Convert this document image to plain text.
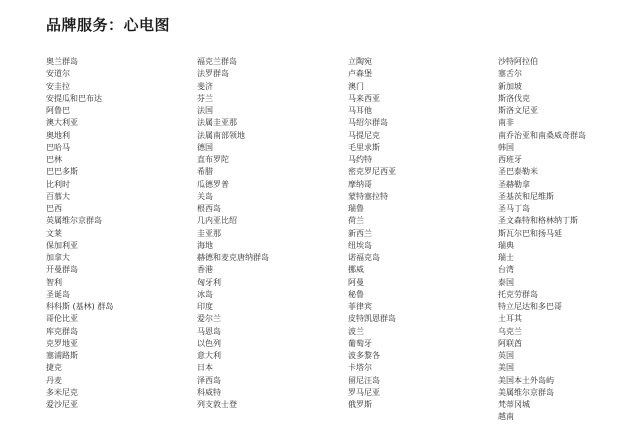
品牌服务：心电图
奥兰群岛
安道尔
安圭拉
安提瓜和巴布达
阿鲁巴
澳大利亚
奥地利
巴哈马
巴林
巴巴多斯
比利时
百慕大
巴西
英属维尔京群岛
文莱
保加利亚
加拿大
开曼群岛
智利
圣诞岛
科科斯 (基林) 群岛
哥伦比亚
库克群岛
克罗地亚
塞浦路斯
捷克
丹麦
多米尼克
爱沙尼亚
福克兰群岛
法罗群岛
斐济
芬兰
法国
法属圭亚那
法属南部领地
德国
直布罗陀
希腊
瓜德罗普
关岛
根西岛
几内亚比绍
圭亚那
海地
赫德和麦克唐纳群岛
香港
匈牙利
冰岛
印度
爱尔兰
马恩岛
以色列
意大利
日本
泽西岛
科威特
列支敦士登
立陶宛
卢森堡
澳门
马来西亚
马耳他
马绍尔群岛
马提尼克
毛里求斯
马约特
密克罗尼西亚
摩纳哥
蒙特塞拉特
瑞鲁
荷兰
新西兰
纽埃岛
诺福克岛
挪威
阿曼
秘鲁
菲律宾
皮特凯恩群岛
波兰
葡萄牙
波多黎各
卡塔尔
留尼汪岛
罗马尼亚
俄罗斯
沙特阿拉伯
塞舌尔
新加坡
斯洛伐克
斯洛文尼亚
南非
南乔治亚和南桑威奇群岛
韩国
西班牙
圣巴泰勒米
圣赫勒拿
圣基茨和尼维斯
圣马丁岛
圣文森特和格林纳丁斯
斯瓦尔巴和扬马延
瑞典
瑞士
台湾
泰国
托克劳群岛
特立尼达和多巴哥
土耳其
乌克兰
阿联酋
英国
美国
美国本土外岛屿
美属维尔京群岛
梵蒂冈城
越南
